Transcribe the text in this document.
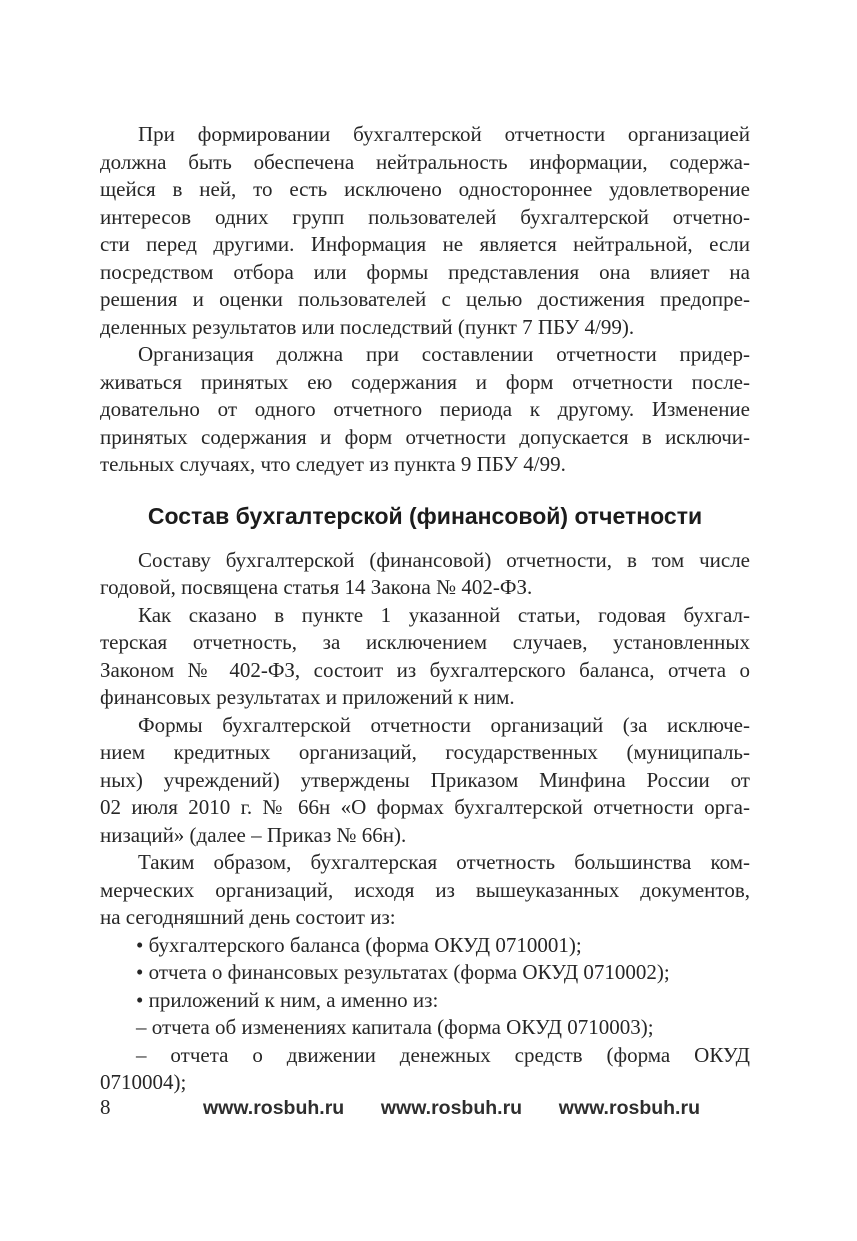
При формировании бухгалтерской отчетности организацией
должна быть обеспечена нейтральность информации, содержа-
щейся в ней, то есть исключено одностороннее удовлетворение
интересов одних групп пользователей бухгалтерской отчетно-
сти перед другими. Информация не является нейтральной, если
посредством отбора или формы представления она влияет на
решения и оценки пользователей с целью достижения предопре-
деленных результатов или последствий (пункт 7 ПБУ 4/99).
Организация должна при составлении отчетности придер-
живаться принятых ею содержания и форм отчетности после-
довательно от одного отчетного периода к другому. Изменение
принятых содержания и форм отчетности допускается в исключи-
тельных случаях, что следует из пункта 9 ПБУ 4/99.
Состав бухгалтерской (финансовой) отчетности
Составу бухгалтерской (финансовой) отчетности, в том числе
годовой, посвящена статья 14 Закона № 402-ФЗ.
Как сказано в пункте 1 указанной статьи, годовая бухгал-
терская отчетность, за исключением случаев, установленных
Законом № 402-ФЗ, состоит из бухгалтерского баланса, отчета о
финансовых результатах и приложений к ним.
Формы бухгалтерской отчетности организаций (за исключе-
нием кредитных организаций, государственных (муниципаль-
ных) учреждений) утверждены Приказом Минфина России от
02 июля 2010 г. № 66н «О формах бухгалтерской отчетности орга-
низаций» (далее – Приказ № 66н).
Таким образом, бухгалтерская отчетность большинства ком-
мерческих организаций, исходя из вышеуказанных документов,
на сегодняшний день состоит из:
• бухгалтерского баланса (форма ОКУД 0710001);
• отчета о финансовых результатах (форма ОКУД 0710002);
• приложений к ним, а именно из:
– отчета об изменениях капитала (форма ОКУД 0710003);
– отчета о движении денежных средств (форма ОКУД
0710004);
8	www.rosbuh.ru www.rosbuh.ru www.rosbuh.ru
